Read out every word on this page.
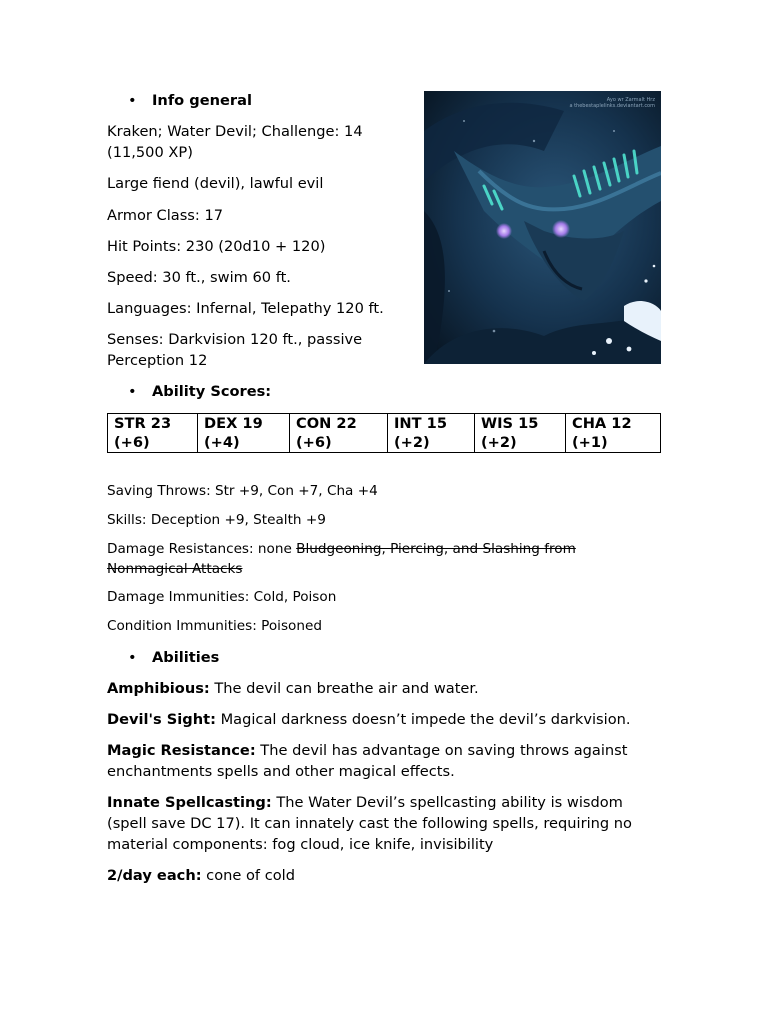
• Info general

Kraken; Water Devil; Challenge: 14
(11,500 XP)

Large fiend (devil), lawful evil

Armor Class: 17

Hit Points: 230 (20d10 + 120)

Speed: 30 ft., swim 60 ft.

Languages: Infernal, Telepathy 120 ft.

Senses: Darkvision 120 ft., passive
Perception 12

Ayo wr Zarmalt Hrz
a thebestaplelinks.deviantart.com
• Ability Scores:
STR 23
(+6)

DEX 19
(+4)

CON 22
(+6)

INT 15
(+2)

WIS 15
(+2)

CHA 12
(+1)

Saving Throws: Str +9, Con +7, Cha +4

Skills: Deception +9, Stealth +9

Damage Resistances: none Bludgeoning, Piercing, and Slashing from
Nonmagical Attacks

Damage Immunities: Cold, Poison

Condition Immunities: Poisoned

• Abilities

Amphibious: The devil can breathe air and water.

Devil's Sight: Magical darkness doesn’t impede the devil’s darkvision.

Magic Resistance: The devil has advantage on saving throws against enchantments spells and other magical effects.

Innate Spellcasting: The Water Devil’s spellcasting ability is wisdom (spell save DC 17). It can innately cast the following spells, requiring no material components: fog cloud, ice knife, invisibility

2/day each: cone of cold
